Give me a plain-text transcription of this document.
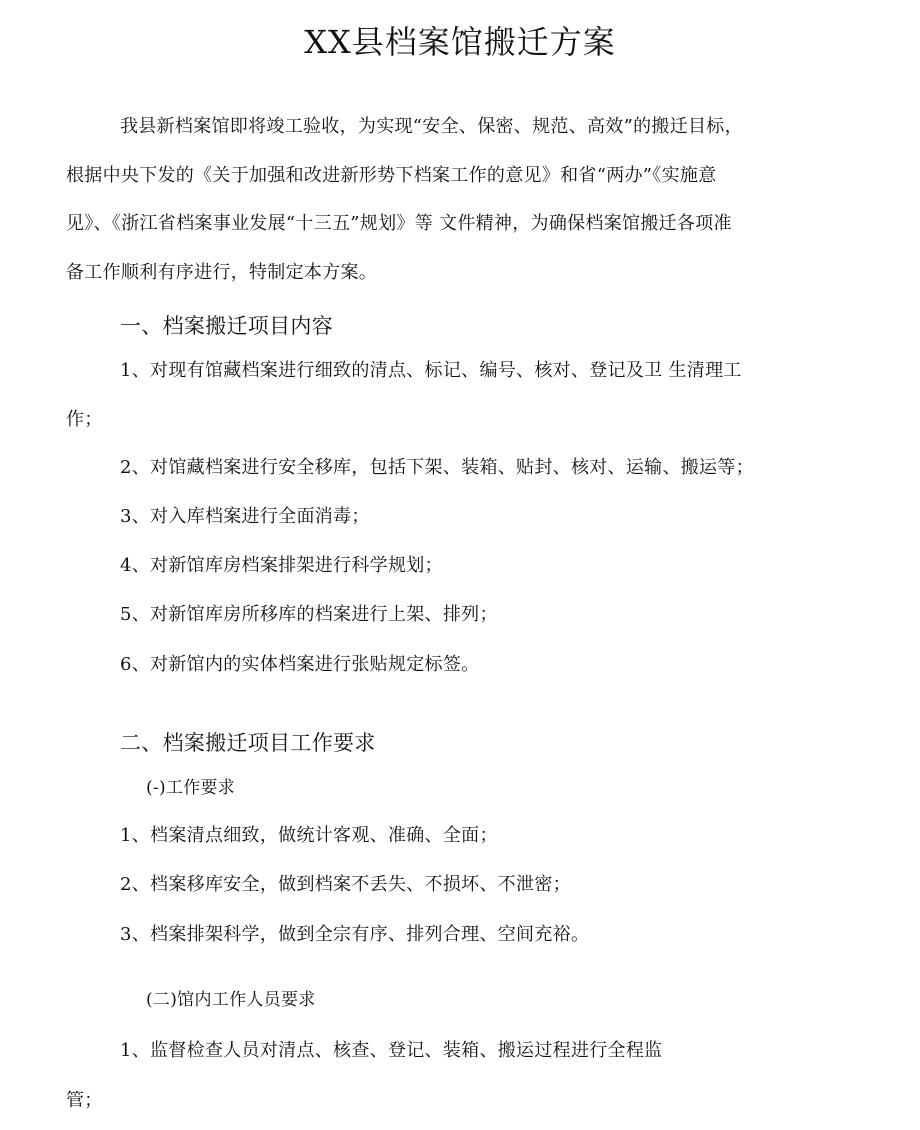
XX县档案馆搬迁方案
我县新档案馆即将竣工验收，为实现“安全、保密、规范、高效”的搬迁目标，
根据中央下发的《关于加强和改进新形势下档案工作的意见》和省“两办”《实施意
见》、《浙江省档案事业发展“十三五”规划》等 文件精神，为确保档案馆搬迁各项准
备工作顺利有序进行，特制定本方案。
一、档案搬迁项目内容
1、对现有馆藏档案进行细致的清点、标记、编号、核对、登记及卫 生清理工
作；
2、对馆藏档案进行安全移库，包括下架、装箱、贴封、核对、运输、搬运等；
3、对入库档案进行全面消毒；
4、对新馆库房档案排架进行科学规划；
5、对新馆库房所移库的档案进行上架、排列；
6、对新馆内的实体档案进行张贴规定标签。
二、档案搬迁项目工作要求
(-)工作要求
1、档案清点细致，做统计客观、准确、全面；
2、档案移库安全，做到档案不丢失、不损坏、不泄密；
3、档案排架科学，做到全宗有序、排列合理、空间充裕。
(二)馆内工作人员要求
1、监督检查人员对清点、核查、登记、装箱、搬运过程进行全程监
管；
